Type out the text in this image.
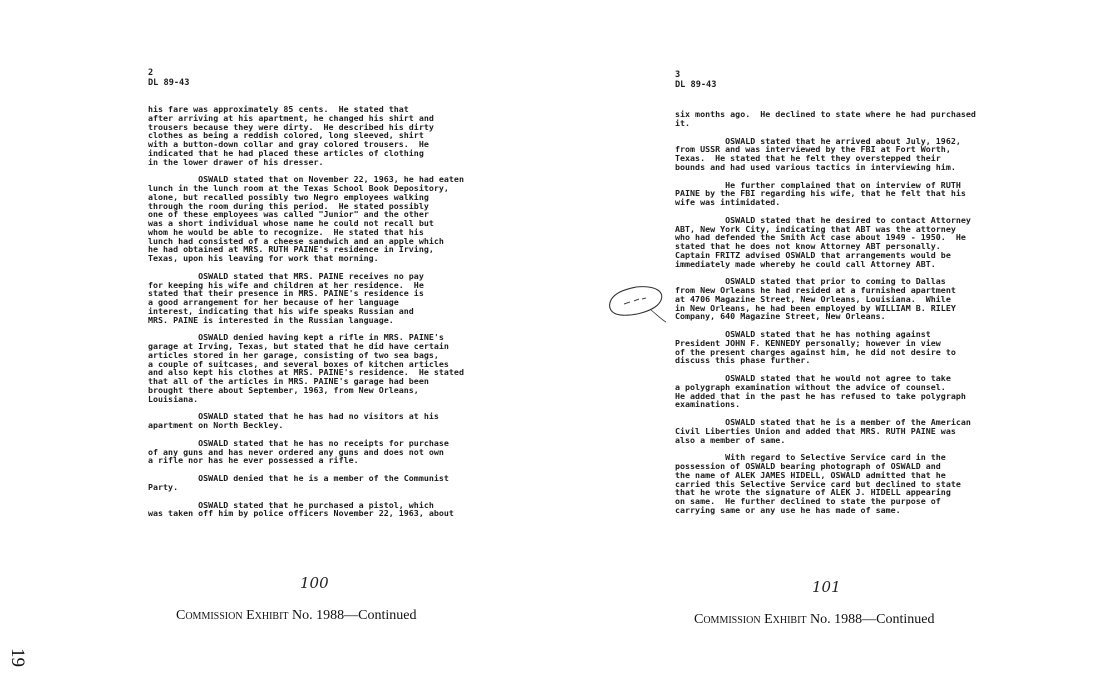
2
DL 89-43
his fare was approximately 85 cents.  He stated that
after arriving at his apartment, he changed his shirt and
trousers because they were dirty.  He described his dirty
clothes as being a reddish colored, long sleeved, shirt
with a button-down collar and gray colored trousers.  He
indicated that he had placed these articles of clothing
in the lower drawer of his dresser.
OSWALD stated that on November 22, 1963, he had eaten
lunch in the lunch room at the Texas School Book Depository,
alone, but recalled possibly two Negro employees walking
through the room during this period.  He stated possibly
one of these employees was called "Junior" and the other
was a short individual whose name he could not recall but
whom he would be able to recognize.  He stated that his
lunch had consisted of a cheese sandwich and an apple which
he had obtained at MRS. RUTH PAINE's residence in Irving,
Texas, upon his leaving for work that morning.
OSWALD stated that MRS. PAINE receives no pay
for keeping his wife and children at her residence.  He
stated that their presence in MRS. PAINE's residence is
a good arrangement for her because of her language
interest, indicating that his wife speaks Russian and
MRS. PAINE is interested in the Russian language.
OSWALD denied having kept a rifle in MRS. PAINE's
garage at Irving, Texas, but stated that he did have certain
articles stored in her garage, consisting of two sea bags,
a couple of suitcases, and several boxes of kitchen articles
and also kept his clothes at MRS. PAINE's residence.  He stated
that all of the articles in MRS. PAINE's garage had been
brought there about September, 1963, from New Orleans,
Louisiana.
OSWALD stated that he has had no visitors at his
apartment on North Beckley.
OSWALD stated that he has no receipts for purchase
of any guns and has never ordered any guns and does not own
a rifle nor has he ever possessed a rifle.
OSWALD denied that he is a member of the Communist
Party.
OSWALD stated that he purchased a pistol, which
was taken off him by police officers November 22, 1963, about
100
Commission Exhibit No. 1988—Continued
3
DL 89-43
six months ago.  He declined to state where he had purchased
it.
OSWALD stated that he arrived about July, 1962,
from USSR and was interviewed by the FBI at Fort Worth,
Texas.  He stated that he felt they overstepped their
bounds and had used various tactics in interviewing him.
He further complained that on interview of RUTH
PAINE by the FBI regarding his wife, that he felt that his
wife was intimidated.
OSWALD stated that he desired to contact Attorney
ABT, New York City, indicating that ABT was the attorney
who had defended the Smith Act case about 1949 - 1950.  He
stated that he does not know Attorney ABT personally.
Captain FRITZ advised OSWALD that arrangements would be
immediately made whereby he could call Attorney ABT.
OSWALD stated that prior to coming to Dallas
from New Orleans he had resided at a furnished apartment
at 4706 Magazine Street, New Orleans, Louisiana.  While
in New Orleans, he had been employed by WILLIAM B. RILEY
Company, 640 Magazine Street, New Orleans.
OSWALD stated that he has nothing against
President JOHN F. KENNEDY personally; however in view
of the present charges against him, he did not desire to
discuss this phase further.
OSWALD stated that he would not agree to take
a polygraph examination without the advice of counsel.
He added that in the past he has refused to take polygraph
examinations.
OSWALD stated that he is a member of the American
Civil Liberties Union and added that MRS. RUTH PAINE was
also a member of same.
With regard to Selective Service card in the
possession of OSWALD bearing photograph of OSWALD and
the name of ALEK JAMES HIDELL, OSWALD admitted that he
carried this Selective Service card but declined to state
that he wrote the signature of ALEK J. HIDELL appearing
on same.  He further declined to state the purpose of
carrying same or any use he has made of same.
101
Commission Exhibit No. 1988—Continued
19
